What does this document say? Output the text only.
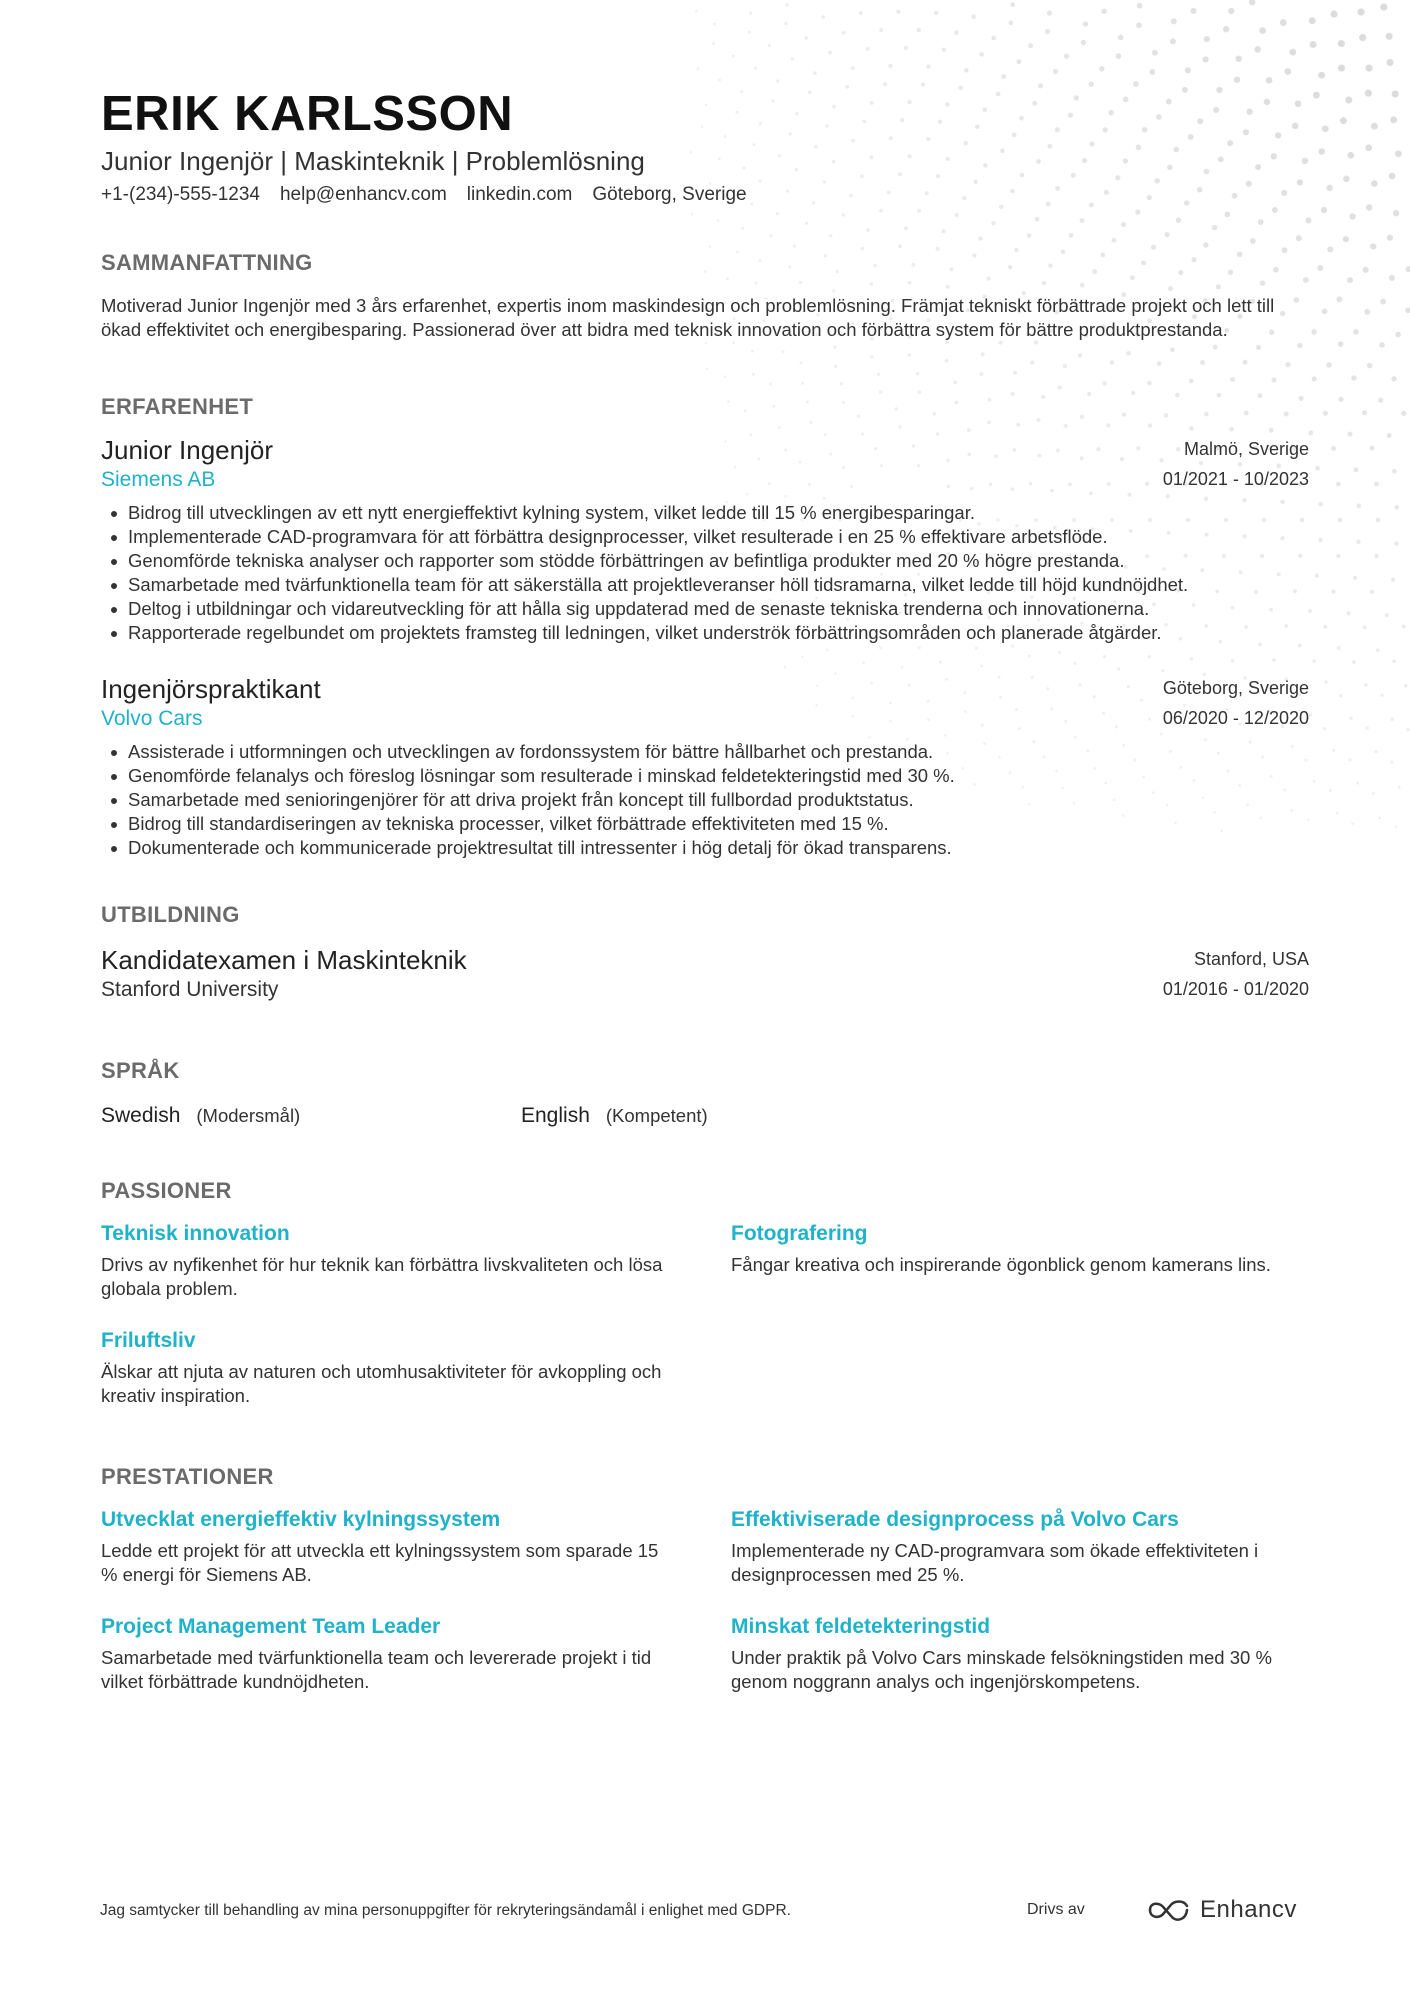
ERIK KARLSSON
Junior Ingenjör | Maskinteknik | Problemlösning
+1-(234)-555-1234 help@enhancv.com linkedin.com Göteborg, Sverige
SAMMANFATTNING
Motiverad Junior Ingenjör med 3 års erfarenhet, expertis inom maskindesign och problemlösning. Främjat tekniskt förbättrade projekt och lett till ökad effektivitet och energibesparing. Passionerad över att bidra med teknisk innovation och förbättra system för bättre produktprestanda.
ERFARENHET
Junior Ingenjör
Siemens AB
Malmö, Sverige
01/2021 - 10/2023
Bidrog till utvecklingen av ett nytt energieffektivt kylning system, vilket ledde till 15 % energibesparingar.
Implementerade CAD-programvara för att förbättra designprocesser, vilket resulterade i en 25 % effektivare arbetsflöde.
Genomförde tekniska analyser och rapporter som stödde förbättringen av befintliga produkter med 20 % högre prestanda.
Samarbetade med tvärfunktionella team för att säkerställa att projektleveranser höll tidsramarna, vilket ledde till höjd kundnöjdhet.
Deltog i utbildningar och vidareutveckling för att hålla sig uppdaterad med de senaste tekniska trenderna och innovationerna.
Rapporterade regelbundet om projektets framsteg till ledningen, vilket underströk förbättringsområden och planerade åtgärder.
Ingenjörspraktikant
Volvo Cars
Göteborg, Sverige
06/2020 - 12/2020
Assisterade i utformningen och utvecklingen av fordonssystem för bättre hållbarhet och prestanda.
Genomförde felanalys och föreslog lösningar som resulterade i minskad feldetekteringstid med 30 %.
Samarbetade med senioringenjörer för att driva projekt från koncept till fullbordad produktstatus.
Bidrog till standardiseringen av tekniska processer, vilket förbättrade effektiviteten med 15 %.
Dokumenterade och kommunicerade projektresultat till intressenter i hög detalj för ökad transparens.
UTBILDNING
Kandidatexamen i Maskinteknik
Stanford University
Stanford, USA
01/2016 - 01/2020
SPRÅK
Swedish (Modersmål)	English (Kompetent)
PASSIONER
Teknisk innovation
Drivs av nyfikenhet för hur teknik kan förbättra livskvaliteten och lösa globala problem.
Fotografering
Fångar kreativa och inspirerande ögonblick genom kamerans lins.
Friluftsliv
Älskar att njuta av naturen och utomhusaktiviteter för avkoppling och kreativ inspiration.
PRESTATIONER
Utvecklat energieffektiv kylningssystem
Ledde ett projekt för att utveckla ett kylningssystem som sparade 15 % energi för Siemens AB.
Effektiviserade designprocess på Volvo Cars
Implementerade ny CAD-programvara som ökade effektiviteten i designprocessen med 25 %.
Project Management Team Leader
Samarbetade med tvärfunktionella team och levererade projekt i tid vilket förbättrade kundnöjdheten.
Minskat feldetekteringstid
Under praktik på Volvo Cars minskade felsökningstiden med 30 % genom noggrann analys och ingenjörskompetens.
Jag samtycker till behandling av mina personuppgifter för rekryteringsändamål i enlighet med GDPR.	Drivs av	Enhancv
